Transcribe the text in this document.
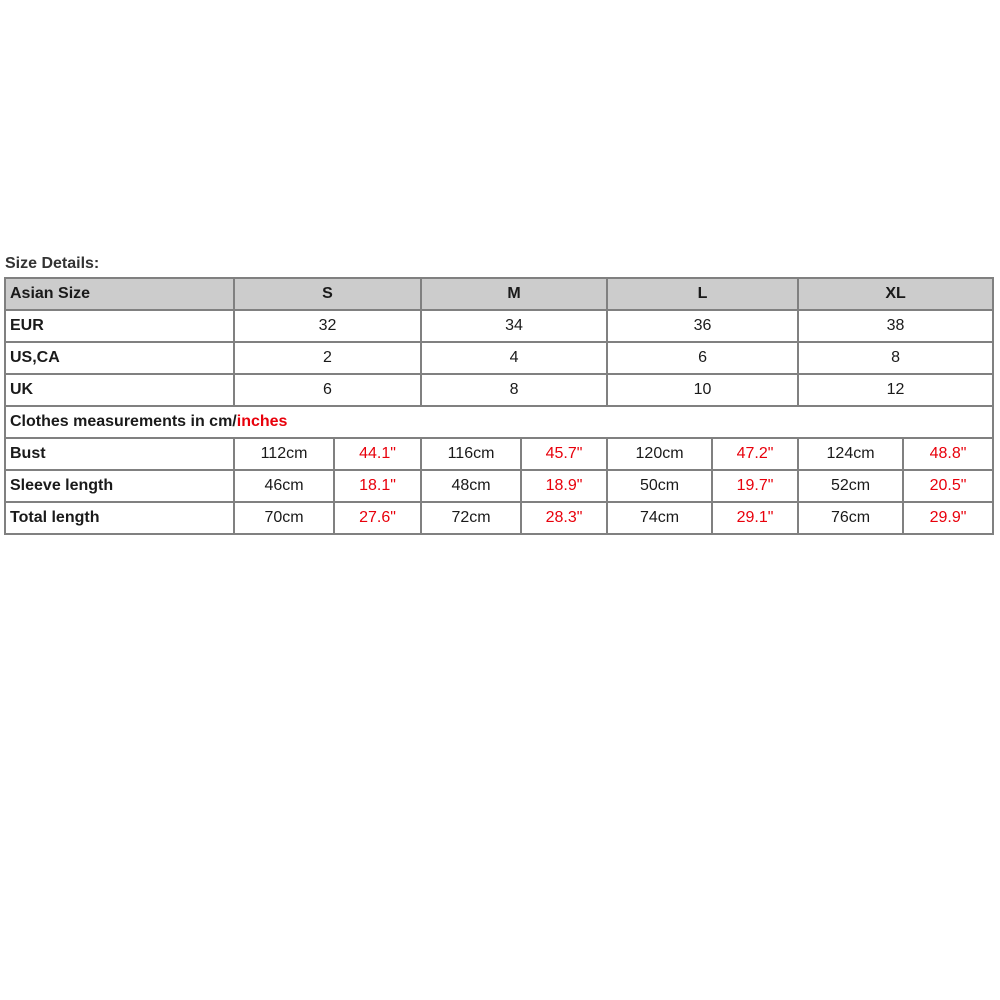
Size Details:
Asian Size	S		M		L		XL	
EUR	32		34		36		38	
US,CA	2		4		6		8	
UK	6		8		10		12	
Clothes measurements in cm/inches								
Bust	112cm	44.1"	116cm	45.7"	120cm	47.2"	124cm	48.8"
Sleeve length	46cm	18.1"	48cm	18.9"	50cm	19.7"	52cm	20.5"
Total length	70cm	27.6"	72cm	28.3"	74cm	29.1"	76cm	29.9"
